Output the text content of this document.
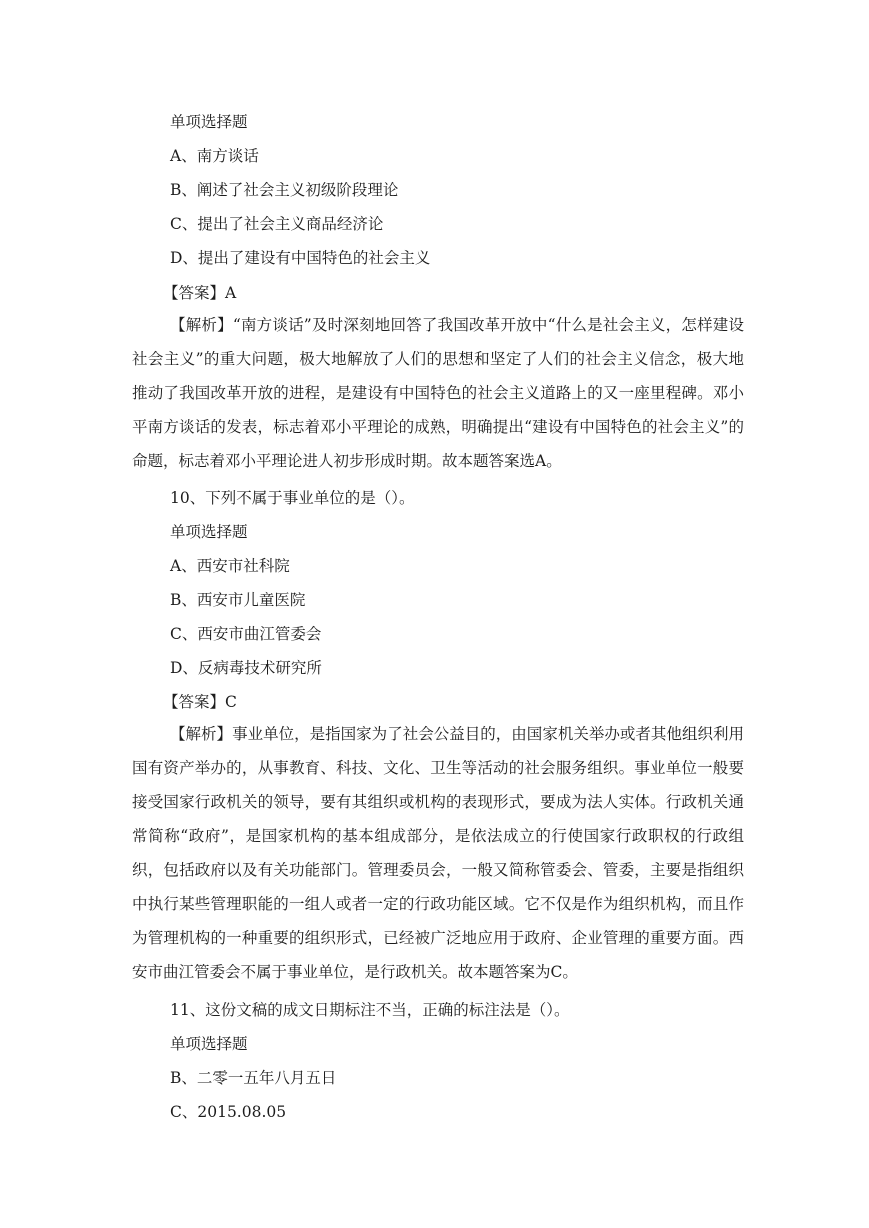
单项选择题
A、南方谈话
B、阐述了社会主义初级阶段理论
C、提出了社会主义商品经济论
D、提出了建设有中国特色的社会主义
【答案】A
【解析】“南方谈话”及时深刻地回答了我国改革开放中“什么是社会主义，怎样建设社会主义”的重大问题，极大地解放了人们的思想和坚定了人们的社会主义信念，极大地推动了我国改革开放的进程，是建设有中国特色的社会主义道路上的又一座里程碑。邓小平南方谈话的发表，标志着邓小平理论的成熟，明确提出“建设有中国特色的社会主义”的命题，标志着邓小平理论进人初步形成时期。故本题答案选A。
10、下列不属于事业单位的是（）。
单项选择题
A、西安市社科院
B、西安市儿童医院
C、西安市曲江管委会
D、反病毒技术研究所
【答案】C
【解析】事业单位，是指国家为了社会公益目的，由国家机关举办或者其他组织利用国有资产举办的，从事教育、科技、文化、卫生等活动的社会服务组织。事业单位一般要接受国家行政机关的领导，要有其组织或机构的表现形式，要成为法人实体。行政机关通常简称“政府”，是国家机构的基本组成部分，是依法成立的行使国家行政职权的行政组织，包括政府以及有关功能部门。管理委员会，一般又简称管委会、管委，主要是指组织中执行某些管理职能的一组人或者一定的行政功能区域。它不仅是作为组织机构，而且作为管理机构的一种重要的组织形式，已经被广泛地应用于政府、企业管理的重要方面。西安市曲江管委会不属于事业单位，是行政机关。故本题答案为C。
11、这份文稿的成文日期标注不当，正确的标注法是（）。
单项选择题
B、二零一五年八月五日
C、2015.08.05
